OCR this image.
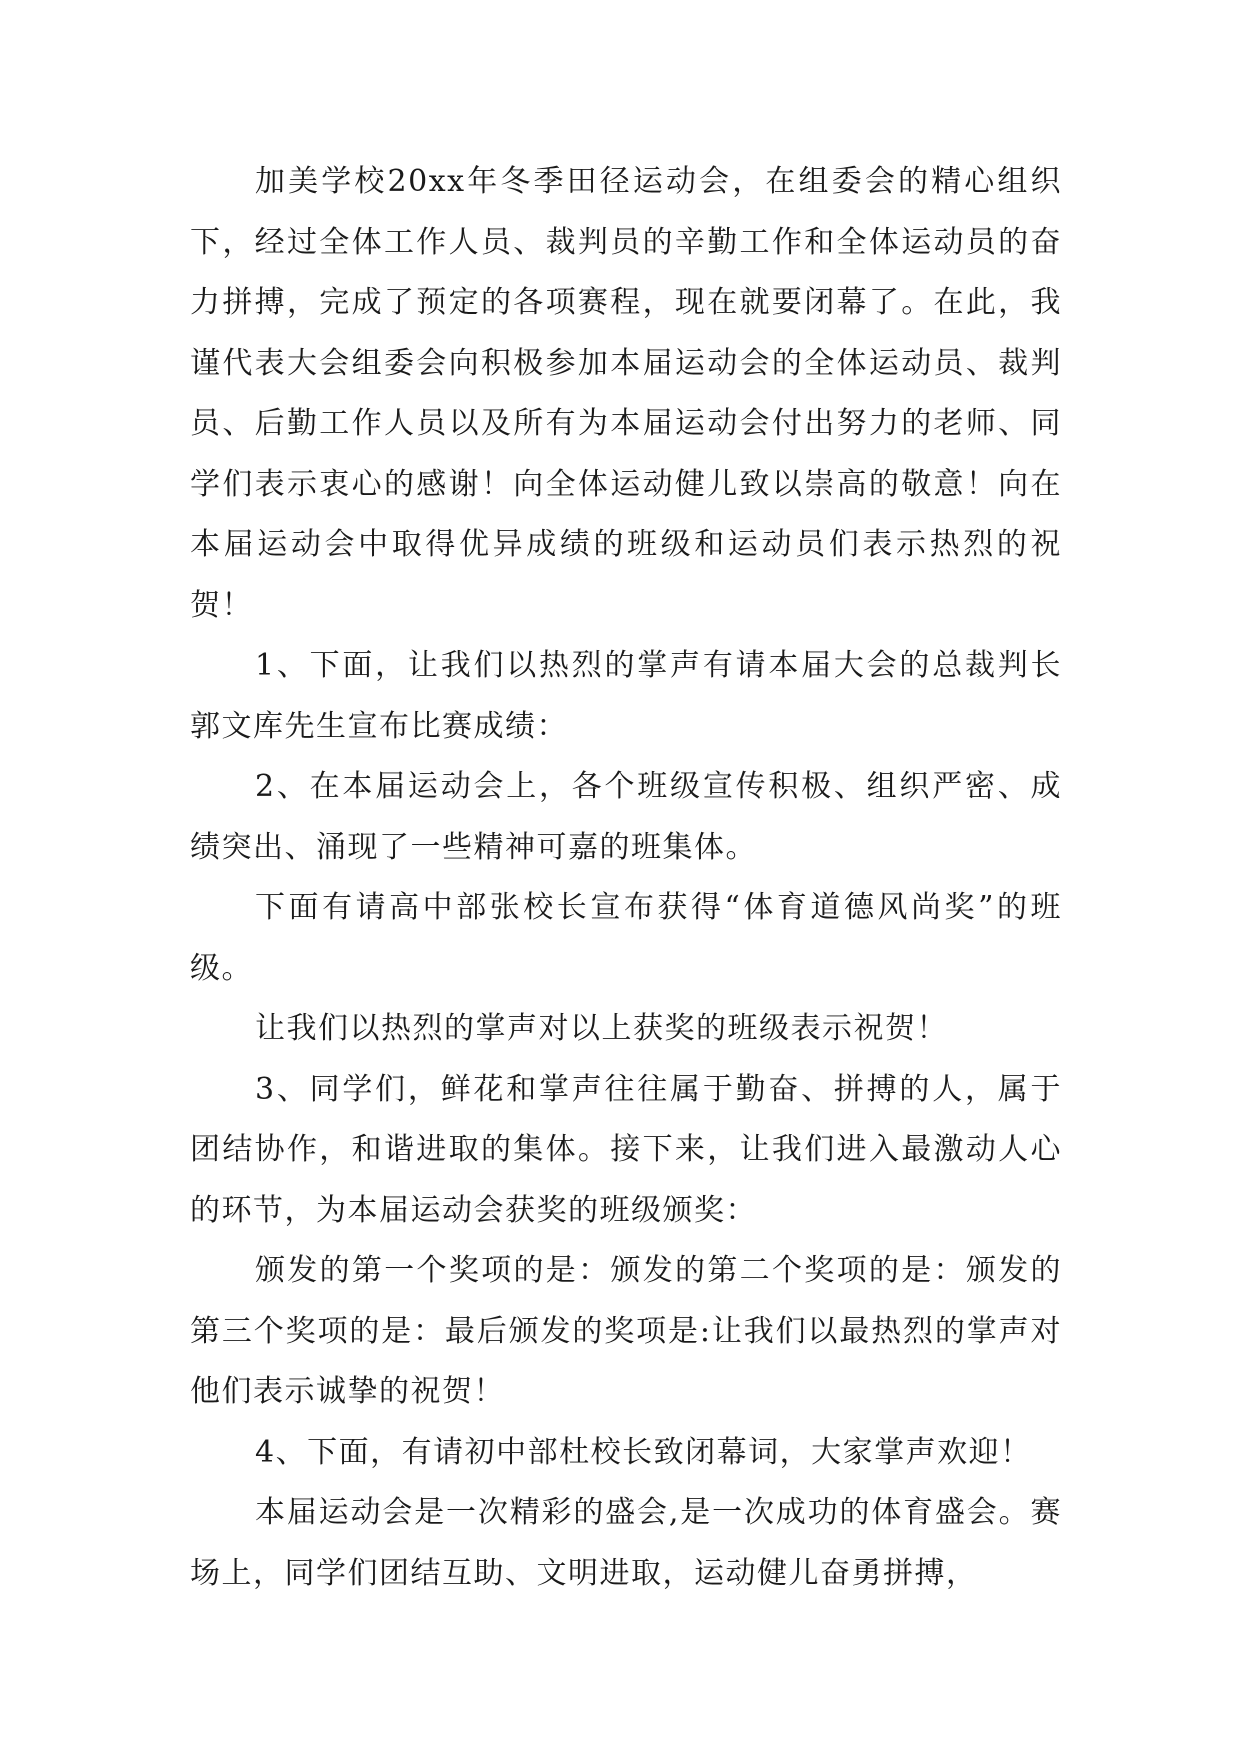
加美学校20xx年冬季田径运动会，在组委会的精心组织下，经过全体工作人员、裁判员的辛勤工作和全体运动员的奋力拼搏，完成了预定的各项赛程，现在就要闭幕了。在此，我谨代表大会组委会向积极参加本届运动会的全体运动员、裁判员、后勤工作人员以及所有为本届运动会付出努力的老师、同学们表示衷心的感谢！向全体运动健儿致以崇高的敬意！向在本届运动会中取得优异成绩的班级和运动员们表示热烈的祝贺！

1、下面，让我们以热烈的掌声有请本届大会的总裁判长郭文库先生宣布比赛成绩：

2、在本届运动会上，各个班级宣传积极、组织严密、成绩突出、涌现了一些精神可嘉的班集体。

下面有请高中部张校长宣布获得“体育道德风尚奖”的班级。

让我们以热烈的掌声对以上获奖的班级表示祝贺！

3、同学们，鲜花和掌声往往属于勤奋、拼搏的人，属于团结协作，和谐进取的集体。接下来，让我们进入最激动人心的环节，为本届运动会获奖的班级颁奖：

颁发的第一个奖项的是：颁发的第二个奖项的是：颁发的第三个奖项的是：最后颁发的奖项是:让我们以最热烈的掌声对他们表示诚挚的祝贺！

4、下面，有请初中部杜校长致闭幕词，大家掌声欢迎！

本届运动会是一次精彩的盛会,是一次成功的体育盛会。赛场上，同学们团结互助、文明进取，运动健儿奋勇拼搏，
